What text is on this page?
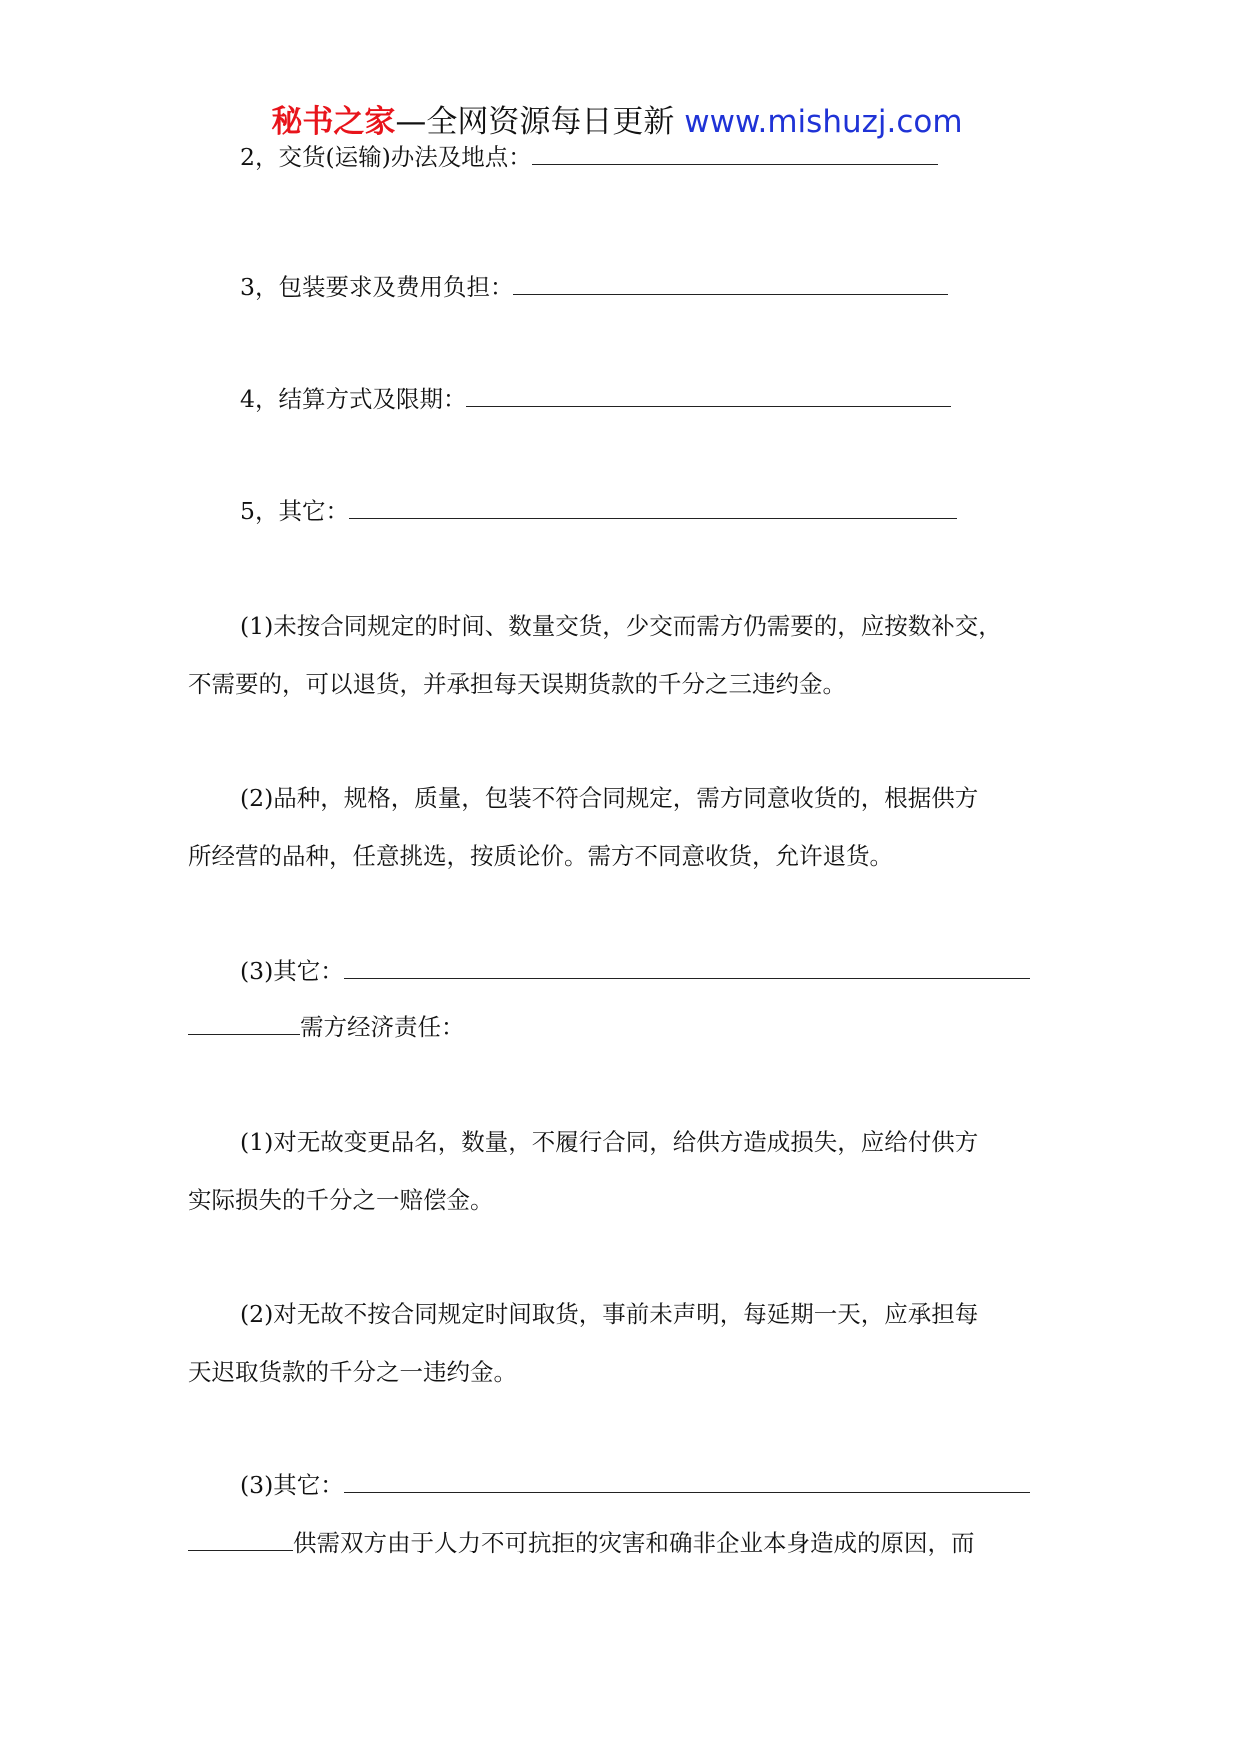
秘书之家—全网资源每日更新 www.mishuzj.com
2，交货(运输)办法及地点：
3，包装要求及费用负担：
4，结算方式及限期：
5，其它：
(1)未按合同规定的时间、数量交货，少交而需方仍需要的，应按数补交，
不需要的，可以退货，并承担每天误期货款的千分之三违约金。
(2)品种，规格，质量，包装不符合同规定，需方同意收货的，根据供方
所经营的品种，任意挑选，按质论价。需方不同意收货，允许退货。
(3)其它：
需方经济责任：
(1)对无故变更品名，数量，不履行合同，给供方造成损失，应给付供方
实际损失的千分之一赔偿金。
(2)对无故不按合同规定时间取货，事前未声明，每延期一天，应承担每
天迟取货款的千分之一违约金。
(3)其它：
供需双方由于人力不可抗拒的灾害和确非企业本身造成的原因，而
